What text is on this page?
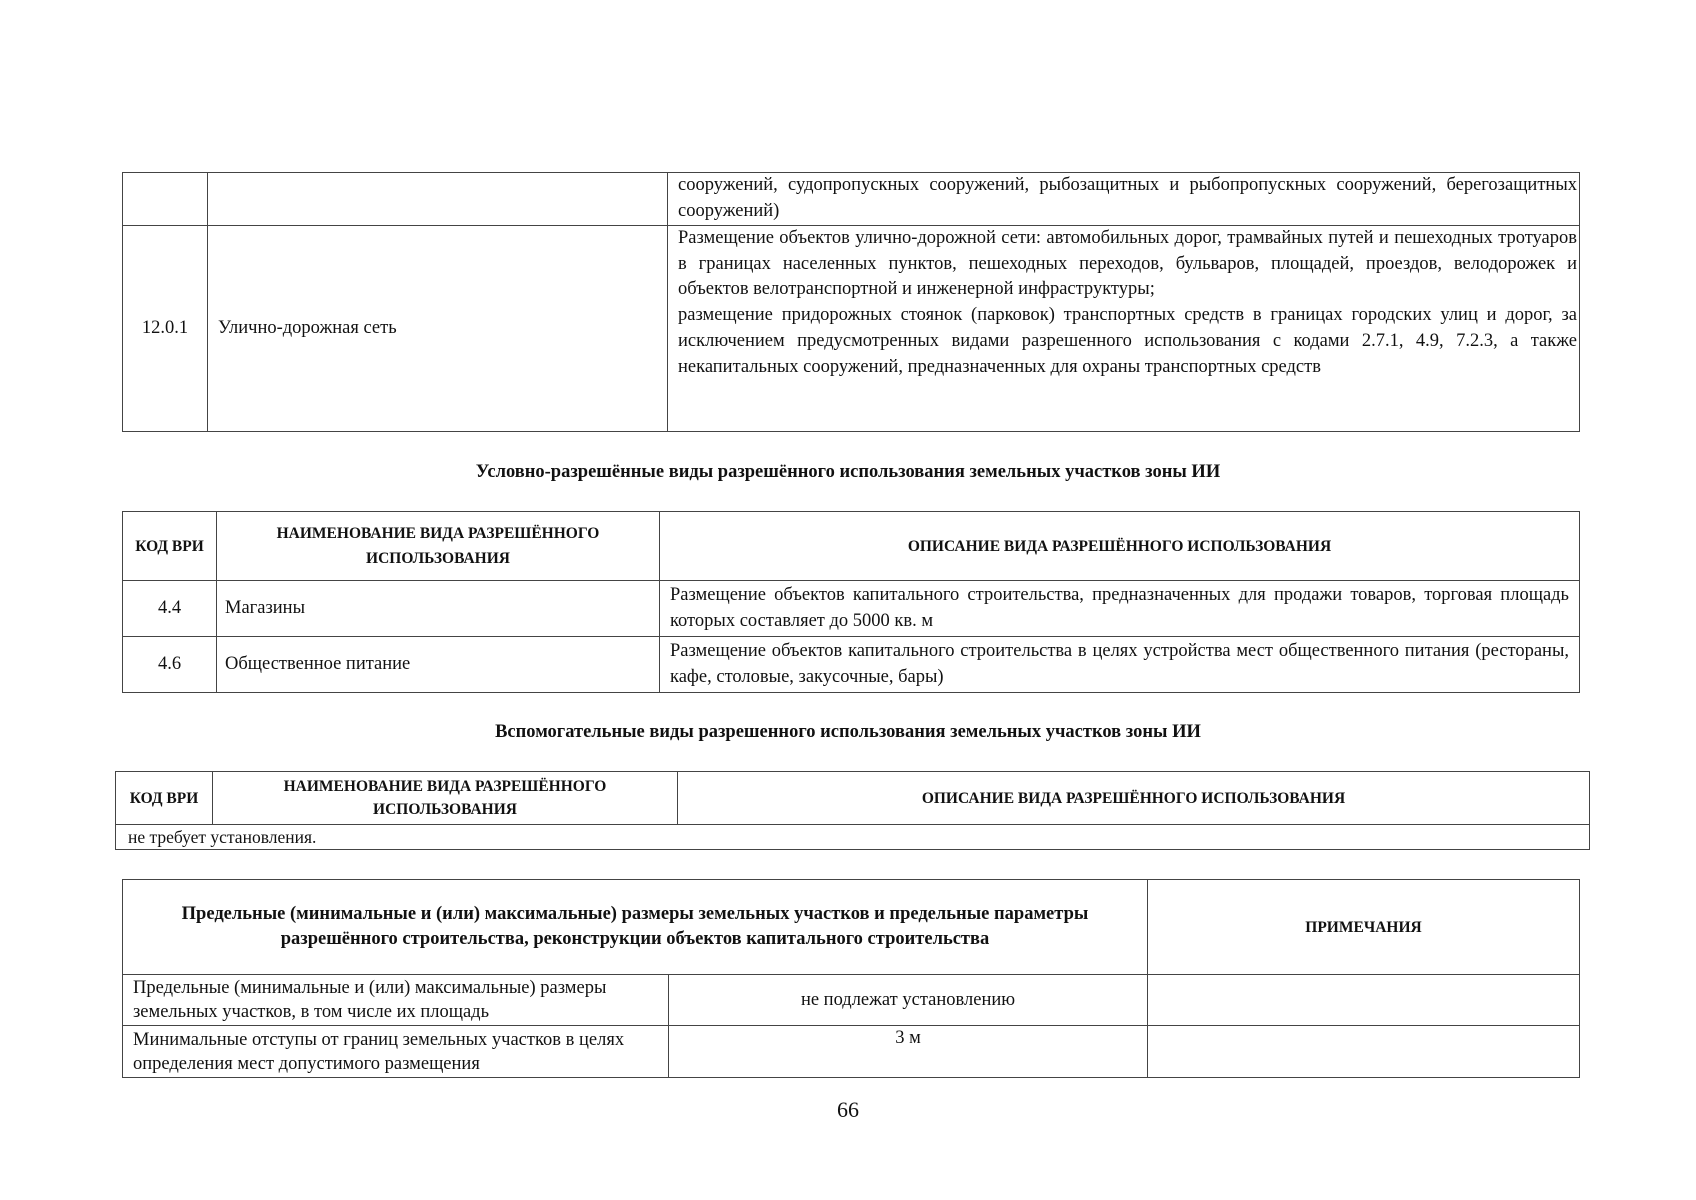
		сооружений, судопропускных сооружений, рыбозащитных и рыбопропускных сооружений, берегозащитных сооружений)
12.0.1	Улично-дорожная сеть	Размещение объектов улично-дорожной сети: автомобильных дорог, трамвайных путей и пешеходных тротуаров в границах населенных пунктов, пешеходных переходов, бульваров, площадей, проездов, велодорожек и объектов велотранспортной и инженерной инфраструктуры;
размещение придорожных стоянок (парковок) транспортных средств в границах городских улиц и дорог, за исключением предусмотренных видами разрешенного использования с кодами 2.7.1, 4.9, 7.2.3, а также некапитальных сооружений, предназначенных для охраны транспортных средств
Условно-разрешённые виды разрешённого использования земельных участков зоны ИИ
КОД ВРИ	НАИМЕНОВАНИЕ ВИДА РАЗРЕШЁННОГО ИСПОЛЬЗОВАНИЯ	ОПИСАНИЕ ВИДА РАЗРЕШЁННОГО ИСПОЛЬЗОВАНИЯ
4.4	Магазины	Размещение объектов капитального строительства, предназначенных для продажи товаров, торговая площадь которых составляет до 5000 кв. м
4.6	Общественное питание	Размещение объектов капитального строительства в целях устройства мест общественного питания (рестораны, кафе, столовые, закусочные, бары)
Вспомогательные виды разрешенного использования земельных участков зоны ИИ
КОД ВРИ	НАИМЕНОВАНИЕ ВИДА РАЗРЕШЁННОГО ИСПОЛЬЗОВАНИЯ	ОПИСАНИЕ ВИДА РАЗРЕШЁННОГО ИСПОЛЬЗОВАНИЯ
не требует установления.
Предельные (минимальные и (или) максимальные) размеры земельных участков и предельные параметры разрешённого строительства, реконструкции объектов капитального строительства		ПРИМЕЧАНИЯ
Предельные (минимальные и (или) максимальные) размеры земельных участков, в том числе их площадь	не подлежат установлению	
Минимальные отступы от границ земельных участков в целях определения мест допустимого размещения	3 м	
66
